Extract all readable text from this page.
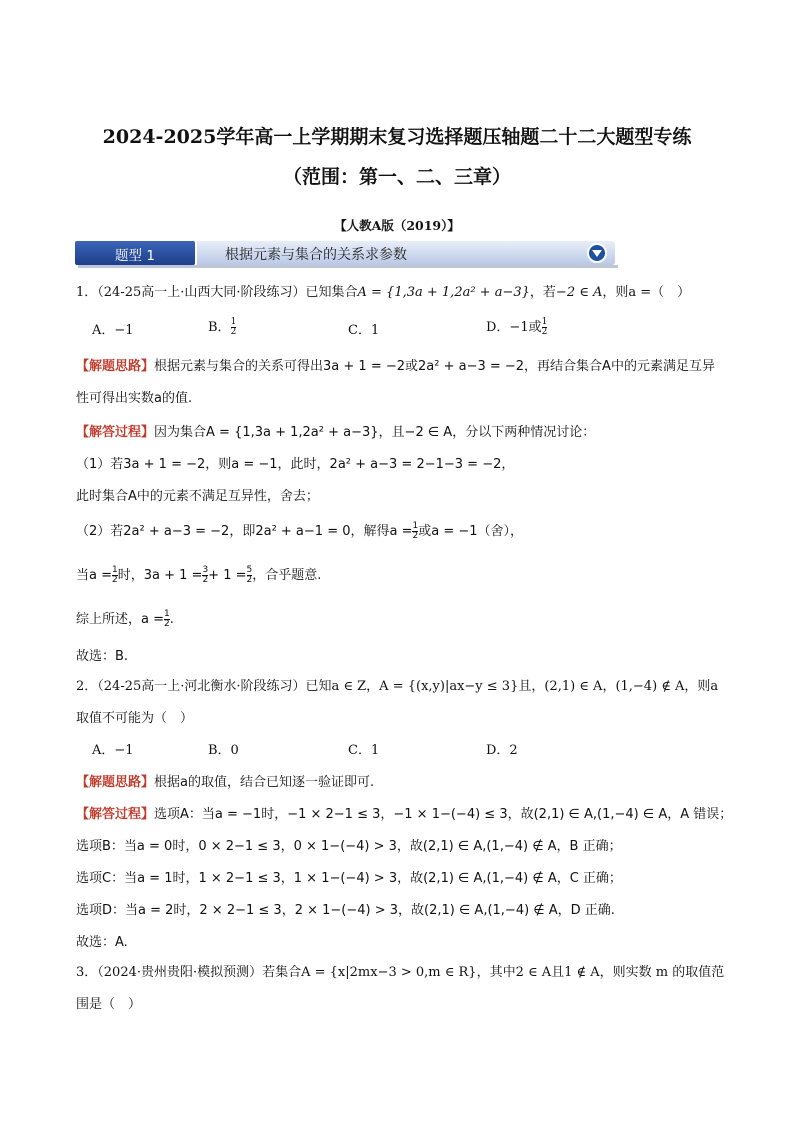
2024-2025学年高一上学期期末复习选择题压轴题二十二大题型专练
（范围：第一、二、三章）
【人教A版（2019）】
题型 1	根据元素与集合的关系求参数
1．（24-25高一上·山西大同·阶段练习）已知集合A = {1,3a + 1,2a² + a−3}，若−2 ∈ A，则a =（　）
A．−1	B． $\frac{1}{2}$	C．1	D．−1或 $\frac{1}{2}$
【解题思路】根据元素与集合的关系可得出3a + 1 = −2或2a² + a−3 = −2，再结合集合A中的元素满足互异
性可得出实数a的值.
【解答过程】因为集合A = {1,3a + 1,2a² + a−3}，且−2 ∈ A，分以下两种情况讨论：
（1）若3a + 1 = −2，则a = −1，此时，2a² + a−3 = 2−1−3 = −2，
此时集合A中的元素不满足互异性，舍去；
（2）若2a² + a−3 = −2，即2a² + a−1 = 0，解得$a = \frac{1}{2}$ 或a = −1（舍），
当$a = \frac{1}{2}$ 时，$3a + 1 = \frac{3}{2} + 1 = \frac{5}{2}$ ，合乎题意.
综上所述，$a = \frac{1}{2}$ .
故选：B.
2．（24-25高一上·河北衡水·阶段练习）已知a ∈ Z，A = {(x,y)|ax−y ≤ 3}且，(2,1) ∈ A，(1,−4) ∉ A，则a
取值不可能为（　）
A．−1	B．0	C．1	D．2
【解题思路】根据a的取值，结合已知逐一验证即可.
【解答过程】选项A：当a = −1时，−1 × 2−1 ≤ 3，−1 × 1−(−4) ≤ 3，故(2,1) ∈ A,(1,−4) ∈ A，A 错误；
选项B：当a = 0时，0 × 2−1 ≤ 3，0 × 1−(−4) > 3，故(2,1) ∈ A,(1,−4) ∉ A，B 正确；
选项C：当a = 1时，1 × 2−1 ≤ 3，1 × 1−(−4) > 3，故(2,1) ∈ A,(1,−4) ∉ A，C 正确；
选项D：当a = 2时，2 × 2−1 ≤ 3，2 × 1−(−4) > 3，故(2,1) ∈ A,(1,−4) ∉ A，D 正确.
故选：A.
3．（2024·贵州贵阳·模拟预测）若集合A = {x|2mx−3 > 0,m ∈ R}，其中2 ∈ A且1 ∉ A，则实数 m 的取值范
围是（　）
